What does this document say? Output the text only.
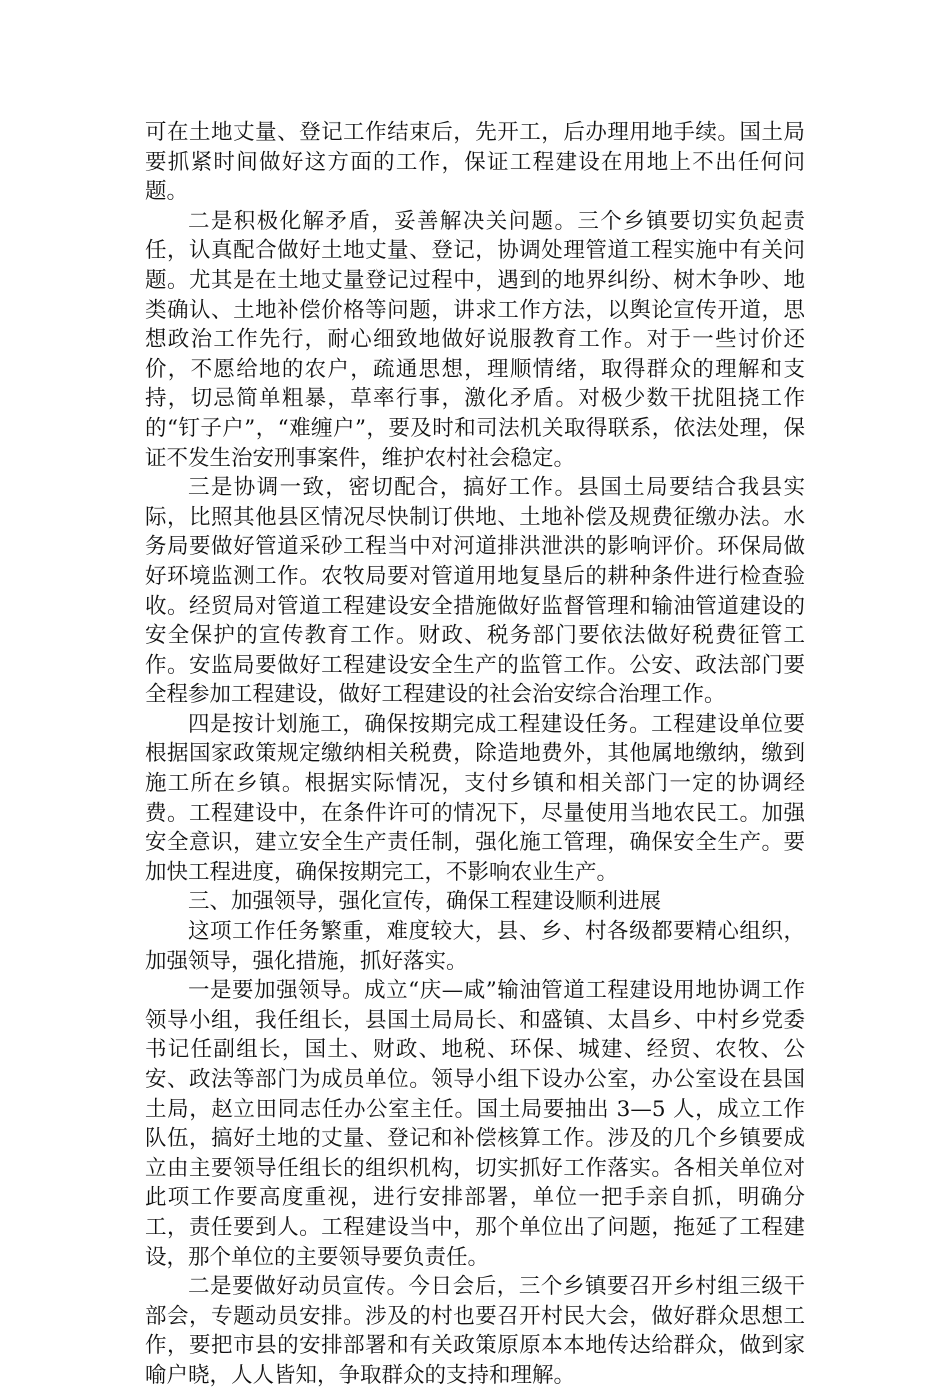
可在土地丈量、登记工作结束后，先开工，后办理用地手续。国土局要抓紧时间做好这方面的工作，保证工程建设在用地上不出任何问题。

二是积极化解矛盾，妥善解决关问题。三个乡镇要切实负起责任，认真配合做好土地丈量、登记，协调处理管道工程实施中有关问题。尤其是在土地丈量登记过程中，遇到的地界纠纷、树木争吵、地类确认、土地补偿价格等问题，讲求工作方法，以舆论宣传开道，思想政治工作先行，耐心细致地做好说服教育工作。对于一些讨价还价，不愿给地的农户，疏通思想，理顺情绪，取得群众的理解和支持，切忌简单粗暴，草率行事，激化矛盾。对极少数干扰阻挠工作的“钉子户”，“难缠户”，要及时和司法机关取得联系，依法处理，保证不发生治安刑事案件，维护农村社会稳定。

三是协调一致，密切配合，搞好工作。县国土局要结合我县实际，比照其他县区情况尽快制订供地、土地补偿及规费征缴办法。水务局要做好管道采砂工程当中对河道排洪泄洪的影响评价。环保局做好环境监测工作。农牧局要对管道用地复垦后的耕种条件进行检查验收。经贸局对管道工程建设安全措施做好监督管理和输油管道建设的安全保护的宣传教育工作。财政、税务部门要依法做好税费征管工作。安监局要做好工程建设安全生产的监管工作。公安、政法部门要全程参加工程建设，做好工程建设的社会治安综合治理工作。

四是按计划施工，确保按期完成工程建设任务。工程建设单位要根据国家政策规定缴纳相关税费，除造地费外，其他属地缴纳，缴到施工所在乡镇。根据实际情况，支付乡镇和相关部门一定的协调经费。工程建设中，在条件许可的情况下，尽量使用当地农民工。加强安全意识，建立安全生产责任制，强化施工管理，确保安全生产。要加快工程进度，确保按期完工，不影响农业生产。

三、加强领导，强化宣传，确保工程建设顺利进展

这项工作任务繁重，难度较大，县、乡、村各级都要精心组织，加强领导，强化措施，抓好落实。

一是要加强领导。成立“庆—咸”输油管道工程建设用地协调工作领导小组，我任组长，县国土局局长、和盛镇、太昌乡、中村乡党委书记任副组长，国土、财政、地税、环保、城建、经贸、农牧、公安、政法等部门为成员单位。领导小组下设办公室，办公室设在县国土局，赵立田同志任办公室主任。国土局要抽出 3—5 人，成立工作队伍，搞好土地的丈量、登记和补偿核算工作。涉及的几个乡镇要成立由主要领导任组长的组织机构，切实抓好工作落实。各相关单位对此项工作要高度重视，进行安排部署，单位一把手亲自抓，明确分工，责任要到人。工程建设当中，那个单位出了问题，拖延了工程建设，那个单位的主要领导要负责任。

二是要做好动员宣传。今日会后，三个乡镇要召开乡村组三级干部会，专题动员安排。涉及的村也要召开村民大会，做好群众思想工作，要把市县的安排部署和有关政策原原本本地传达给群众，做到家喻户晓，人人皆知，争取群众的支持和理解。
